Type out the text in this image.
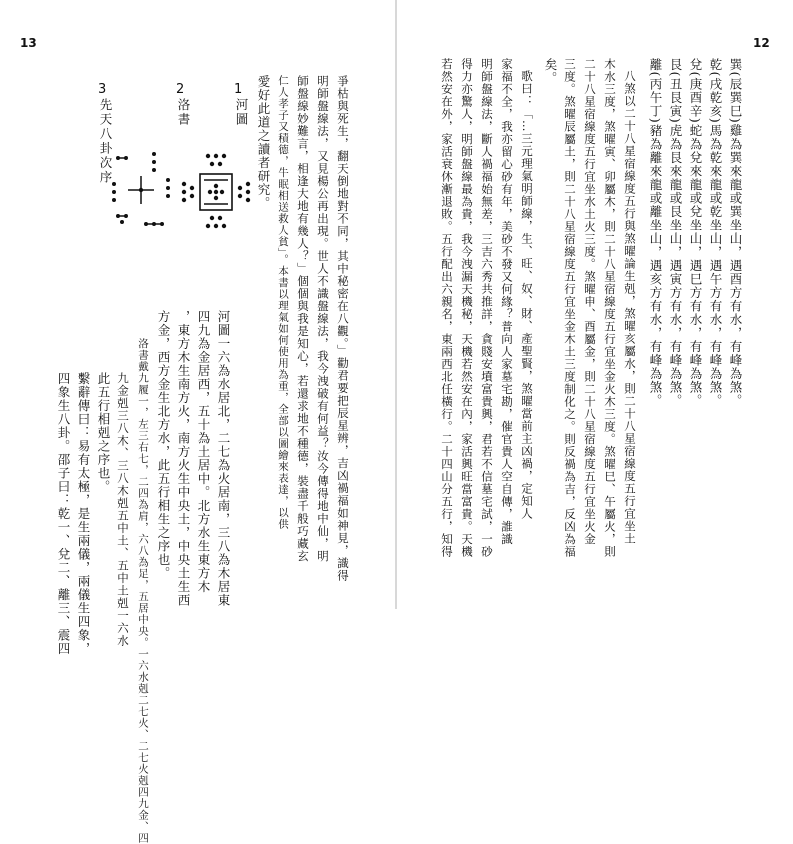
13
1
河圖
2
洛書
3
先天八卦次序
四象生八卦。邵子曰：乾一、兌二、離三、震四 繫辭傳曰：易有太極，是生兩儀，兩儀生四象， 此五行相剋之序也。 九金剋三八木、三八木剋五中土、五中土剋一六水 洛書戴九履一，左三右七，二四為肩，六八為足，五居中央。一六水剋二七火、二七火剋四九金、四 方金，西方金生北方水，此五行相生之序也。 ，東方木生南方火，南方火生中央土，中央土生西 四九為金居西，五十為土居中。北方水生東方木 河圖一六為水居北，二七為火居南，三八為木居東
愛好此道之讀者研究。 仁人孝子又積德，牛眠相送救人貧」。本書以理氣如何使用為重，全部以圖繪來表達，以供 師盤線妙難言，相逢大地有幾人？」個個與我是知心，若還求地不種德，裝盡千般巧藏玄 明師盤線法，又見楊公再出現。世人不識盤線法，我今洩破有何益？汝今傳得地中仙，明 爭枯與死生，翻天倒地對不同，其中秘密在八觀。」勸君要把辰星辨，吉凶禍福如神見，識得
12
巽(辰巽巳)雞為巽來龍或巽坐山，遇酉方有水，有峰為煞。
乾(戌乾亥)馬為乾來龍或乾坐山，遇午方有水，有峰為煞。
兌(庚酉辛)蛇為兌來龍或兌坐山，遇巳方有水，有峰為煞。
艮(丑艮寅)虎為艮來龍或艮坐山，遇寅方有水，有峰為煞。
離(丙午丁)豬為離來龍或離坐山，遇亥方有水，有峰為煞。
八煞以二十八星宿線度五行與煞曜論生剋，煞曜亥屬水，則二十八星宿線度五行宜坐土
木水三度，煞曜寅、卯屬木，則二十八星宿線度五行宜坐金火木三度。煞曜巳、午屬火，則
二十八星宿線度五行宜坐水土火三度。煞曜申、酉屬金，則二十八星宿線度五行宜坐火金
三度。煞曜辰屬土，則二十八星宿線度五行宜坐金木土三度制化之。則反禍為吉，反凶為福
矣。
歌曰：「…三元理氣明師線，生、旺、奴、財、產聖賢，煞曜當前主凶禍，定知人
家福不全，我亦留心砂有年，美砂不發又何緣？普向人家墓宅勘，催官貴人空自傳，誰識
明師盤線法，斷人禍福始無差，三吉六秀共推詳，貪賤安墳富貴興，君若不信墓宅試，一砂
得力亦驚人，明師盤線最為貴，我今洩漏天機秘，天機若然安在內，家活興旺當富貴。天機
若然安在外，家活衰休漸退敗。五行配出六親名，東兩西北任橫行。二十四山分五行，知得
